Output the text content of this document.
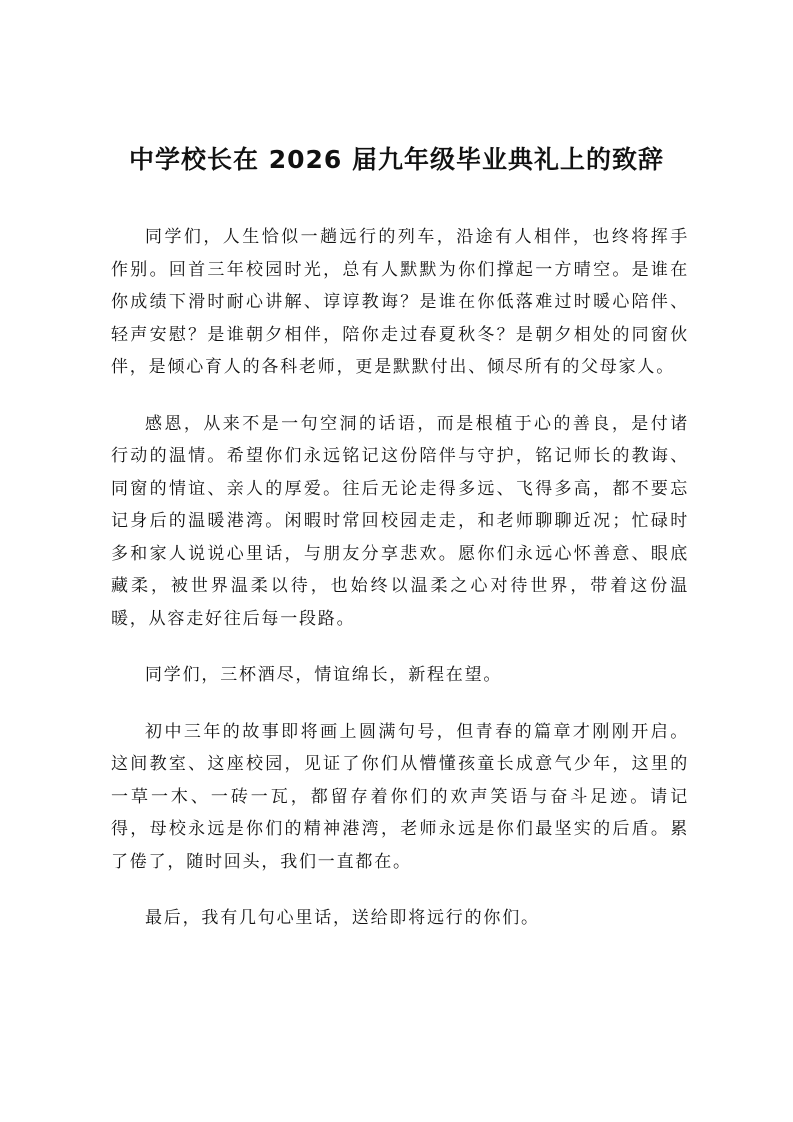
中学校长在 2026 届九年级毕业典礼上的致辞

同学们，人生恰似一趟远行的列车，沿途有人相伴，也终将挥手作别。回首三年校园时光，总有人默默为你们撑起一方晴空。是谁在你成绩下滑时耐心讲解、谆谆教诲？是谁在你低落难过时暖心陪伴、轻声安慰？是谁朝夕相伴，陪你走过春夏秋冬？是朝夕相处的同窗伙伴，是倾心育人的各科老师，更是默默付出、倾尽所有的父母家人。

感恩，从来不是一句空洞的话语，而是根植于心的善良，是付诸行动的温情。希望你们永远铭记这份陪伴与守护，铭记师长的教诲、同窗的情谊、亲人的厚爱。往后无论走得多远、飞得多高，都不要忘记身后的温暖港湾。闲暇时常回校园走走，和老师聊聊近况；忙碌时多和家人说说心里话，与朋友分享悲欢。愿你们永远心怀善意、眼底藏柔，被世界温柔以待，也始终以温柔之心对待世界，带着这份温暖，从容走好往后每一段路。

同学们，三杯酒尽，情谊绵长，新程在望。

初中三年的故事即将画上圆满句号，但青春的篇章才刚刚开启。这间教室、这座校园，见证了你们从懵懂孩童长成意气少年，这里的一草一木、一砖一瓦，都留存着你们的欢声笑语与奋斗足迹。请记得，母校永远是你们的精神港湾，老师永远是你们最坚实的后盾。累了倦了，随时回头，我们一直都在。

最后，我有几句心里话，送给即将远行的你们。
